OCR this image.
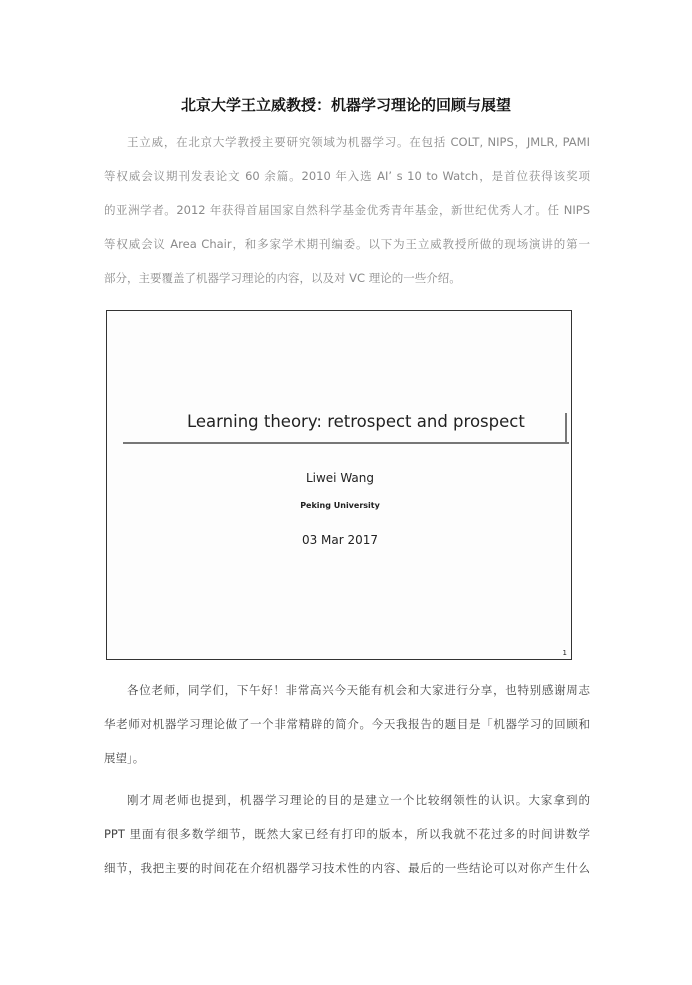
北京大学王立威教授：机器学习理论的回顾与展望
王立威，在北京大学教授主要研究领域为机器学习。在包括 COLT, NIPS，JMLR, PAMI
等权威会议期刊发表论文 60 余篇。2010 年入选 AI’ s 10 to Watch，是首位获得该奖项
的亚洲学者。2012 年获得首届国家自然科学基金优秀青年基金，新世纪优秀人才。任 NIPS
等权威会议 Area Chair，和多家学术期刊编委。以下为王立威教授所做的现场演讲的第一
部分，主要覆盖了机器学习理论的内容，以及对 VC 理论的一些介绍。
Learning theory: retrospect and prospect
Liwei Wang
Peking University
03 Mar 2017
1
各位老师，同学们，下午好！非常高兴今天能有机会和大家进行分享，也特别感谢周志
华老师对机器学习理论做了一个非常精辟的简介。今天我报告的题目是「机器学习的回顾和
展望」。
刚才周老师也提到，机器学习理论的目的是建立一个比较纲领性的认识。大家拿到的
PPT 里面有很多数学细节，既然大家已经有打印的版本，所以我就不花过多的时间讲数学
细节，我把主要的时间花在介绍机器学习技术性的内容、最后的一些结论可以对你产生什么
